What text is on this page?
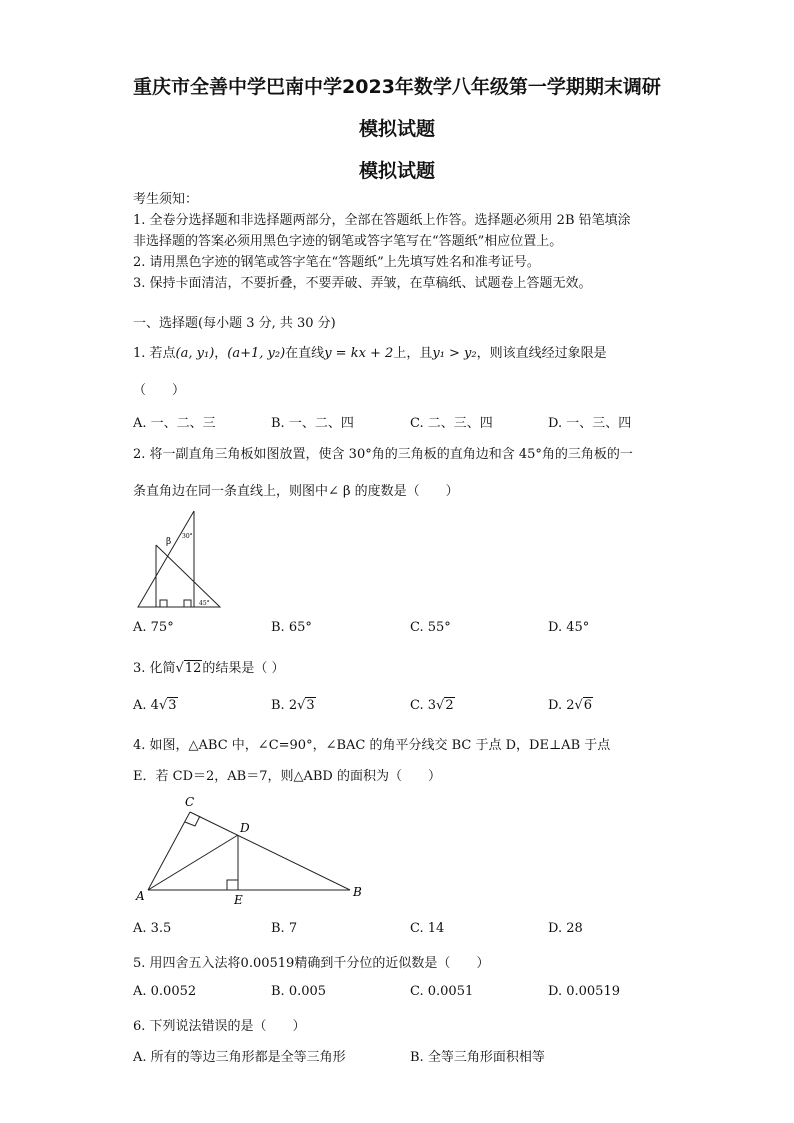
重庆市全善中学巴南中学2023年数学八年级第一学期期末调研
模拟试题
模拟试题
考生须知：
1. 全卷分选择题和非选择题两部分，全部在答题纸上作答。选择题必须用 2B 铅笔填涂
非选择题的答案必须用黑色字迹的钢笔或答字笔写在“答题纸”相应位置上。
2. 请用黑色字迹的钢笔或答字笔在“答题纸”上先填写姓名和准考证号。
3. 保持卡面清洁，不要折叠，不要弄破、弄皱，在草稿纸、试题卷上答题无效。
一、选择题(每小题 3 分, 共 30 分)
1. 若点(a, y₁)，(a+1, y₂)在直线y = kx + 2上，且y₁ > y₂，则该直线经过象限是
（　　）
A. 一、二、三	B. 一、二、四	C. 二、三、四	D. 一、三、四
2. 将一副直角三角板如图放置，使含 30°角的三角板的直角边和含 45°角的三角板的一
条直角边在同一条直线上，则图中∠ β 的度数是（　　）
β
30°
45°
A. 75°	B. 65°	C. 55°	D. 45°
3. 化简√12的结果是（ ）
A. 4√3	B. 2√3	C. 3√2	D. 2√6
4. 如图，△ABC 中，∠C=90°，∠BAC 的角平分线交 BC 于点 D，DE⊥AB 于点
E．若 CD＝2，AB＝7，则△ABD 的面积为（　　）
C
D
A	E
B
A. 3.5	B. 7	C. 14	D. 28
5. 用四舍五入法将0.00519精确到千分位的近似数是（　　）
A. 0.0052	B. 0.005	C. 0.0051	D. 0.00519
6. 下列说法错误的是（　　）
A. 所有的等边三角形都是全等三角形	B. 全等三角形面积相等
